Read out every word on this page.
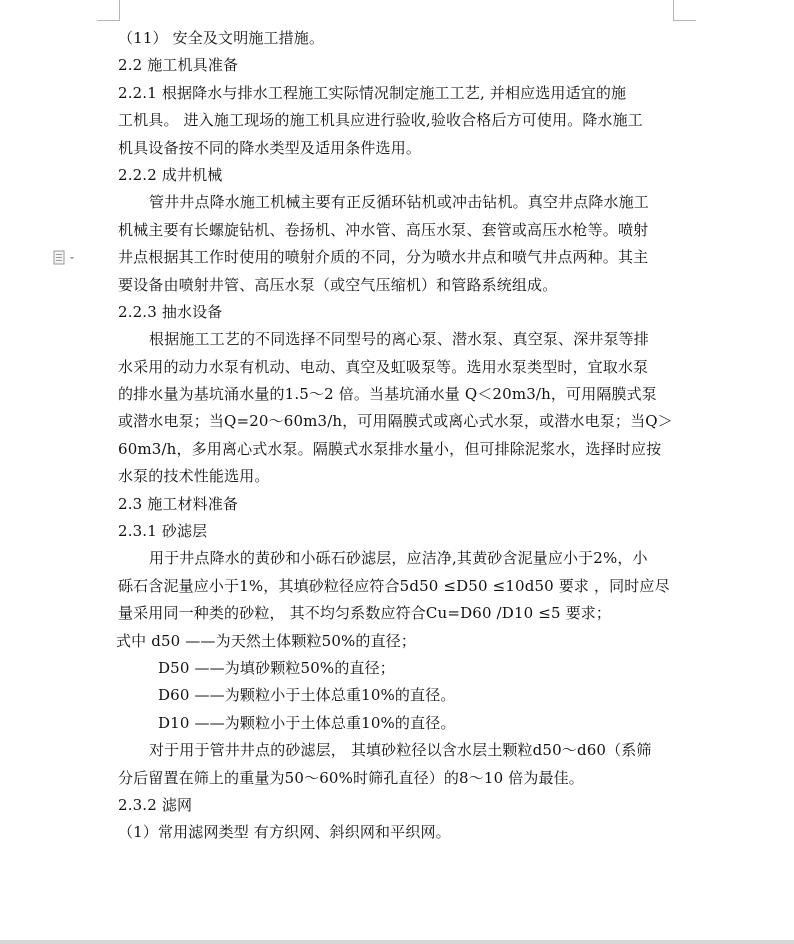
（11） 安全及文明施工措施。
2.2 施工机具准备
2.2.1 根据降水与排水工程施工实际情况制定施工工艺, 并相应选用适宜的施
工机具。 进入施工现场的施工机具应进行验收,验收合格后方可使用。降水施工
机具设备按不同的降水类型及适用条件选用。
2.2.2 成井机械
管井井点降水施工机械主要有正反循环钻机或冲击钻机。真空井点降水施工
机械主要有长螺旋钻机、卷扬机、冲水管、高压水泵、套管或高压水枪等。喷射
井点根据其工作时使用的喷射介质的不同，分为喷水井点和喷气井点两种。其主
要设备由喷射井管、高压水泵（或空气压缩机）和管路系统组成。
2.2.3 抽水设备
根据施工工艺的不同选择不同型号的离心泵、潜水泵、真空泵、深井泵等排
水采用的动力水泵有机动、电动、真空及虹吸泵等。选用水泵类型时，宜取水泵
的排水量为基坑涌水量的1.5～2 倍。当基坑涌水量 Q＜20m3/h，可用隔膜式泵
或潜水电泵；当Q=20～60m3/h，可用隔膜式或离心式水泵，或潜水电泵；当Q＞
60m3/h，多用离心式水泵。隔膜式水泵排水量小，但可排除泥浆水，选择时应按
水泵的技术性能选用。
2.3 施工材料准备
2.3.1 砂滤层
用于井点降水的黄砂和小砾石砂滤层，应洁净,其黄砂含泥量应小于2%，小
砾石含泥量应小于1%，其填砂粒径应符合5d50 ≤D50 ≤10d50 要求 ，同时应尽
量采用同一种类的砂粒， 其不均匀系数应符合Cu=D60 /D10 ≤5 要求；
式中 d50 ——为天然土体颗粒50%的直径；
D50 ——为填砂颗粒50%的直径；
D60 ——为颗粒小于土体总重10%的直径。
D10 ——为颗粒小于土体总重10%的直径。
对于用于管井井点的砂滤层， 其填砂粒径以含水层土颗粒d50～d60（系筛
分后留置在筛上的重量为50～60%时筛孔直径）的8～10 倍为最佳。
2.3.2 滤网
（1）常用滤网类型 有方织网、斜织网和平织网。
